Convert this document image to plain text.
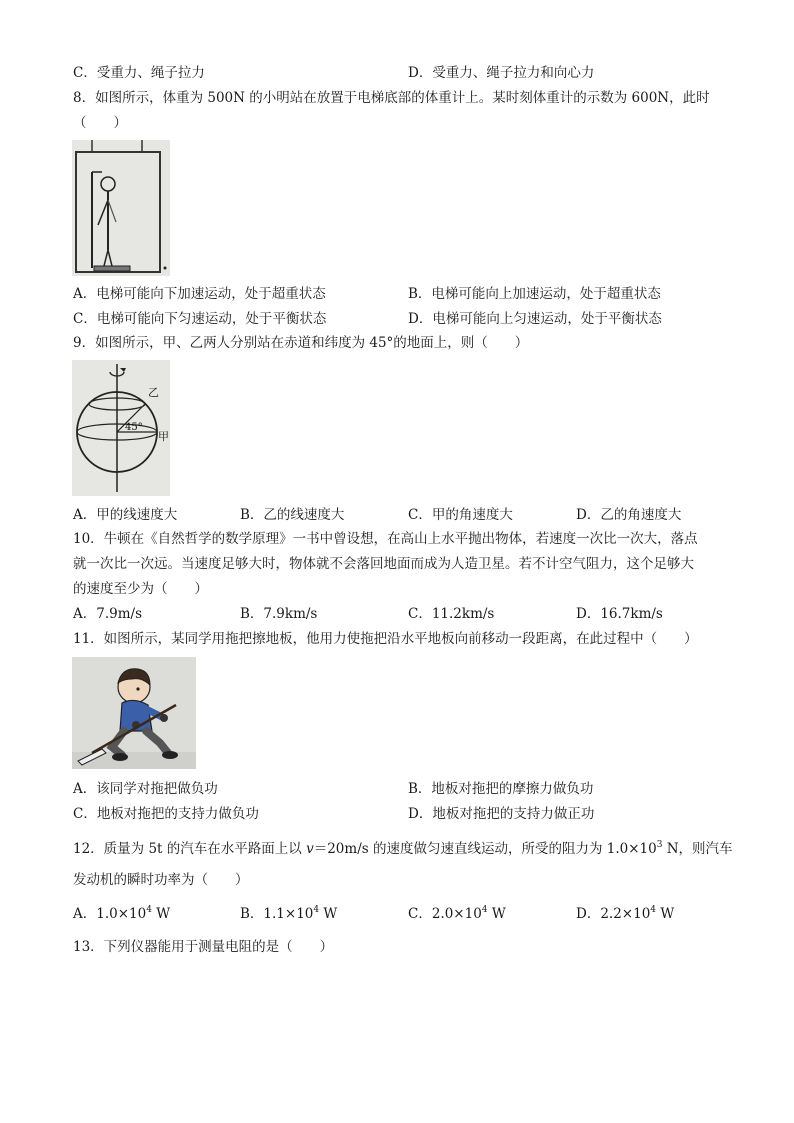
C．受重力、绳子拉力	D．受重力、绳子拉力和向心力
8．如图所示，体重为 500N 的小明站在放置于电梯底部的体重计上。某时刻体重计的示数为 600N，此时
（　　）
A．电梯可能向下加速运动，处于超重状态	B．电梯可能向上加速运动，处于超重状态
C．电梯可能向下匀速运动，处于平衡状态	D．电梯可能向上匀速运动，处于平衡状态
9．如图所示，甲、乙两人分别站在赤道和纬度为 45°的地面上，则（　　）
45°
乙
甲
A．甲的线速度大	B．乙的线速度大	C．甲的角速度大	D．乙的角速度大
10．牛顿在《自然哲学的数学原理》一书中曾设想，在高山上水平抛出物体，若速度一次比一次大，落点
就一次比一次远。当速度足够大时，物体就不会落回地面而成为人造卫星。若不计空气阻力，这个足够大
的速度至少为（　　）
A．7.9m/s	B．7.9km/s	C．11.2km/s	D．16.7km/s
11．如图所示，某同学用拖把擦地板，他用力使拖把沿水平地板向前移动一段距离，在此过程中（　　）
A．该同学对拖把做负功	B．地板对拖把的摩擦力做负功
C．地板对拖把的支持力做负功	D．地板对拖把的支持力做正功
12．质量为 5t 的汽车在水平路面上以 v＝20m/s 的速度做匀速直线运动，所受的阻力为 $1.0\times 10^3$ N，则汽车
发动机的瞬时功率为（　　）
A．$1.0\times 10^4$ W	B．$1.1\times 10^4$ W	C．$2.0\times 10^4$ W	D．$2.2\times 10^4$ W
13．下列仪器能用于测量电阻的是（　　）
